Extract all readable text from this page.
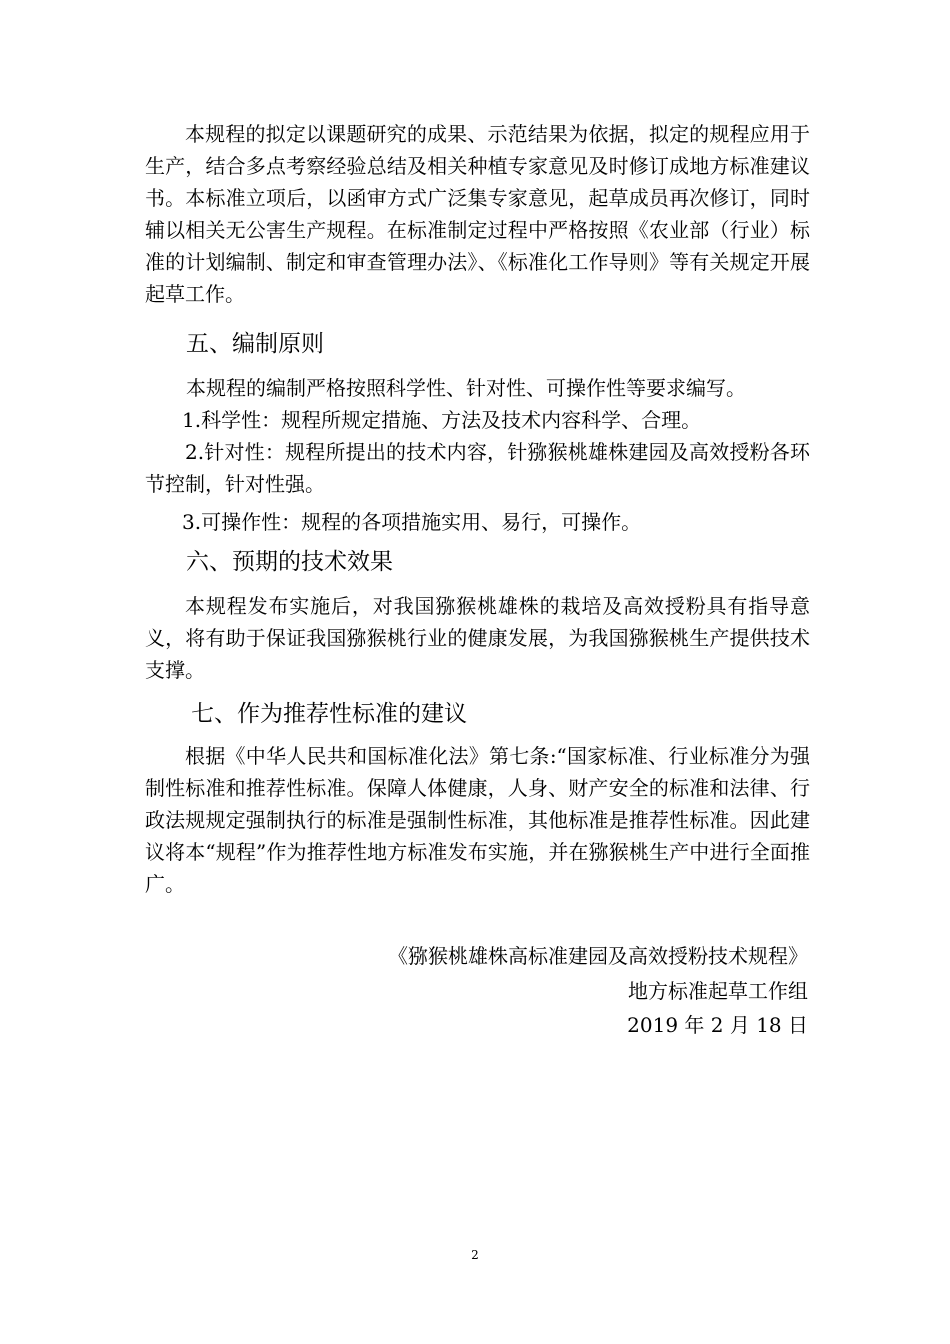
本规程的拟定以课题研究的成果、示范结果为依据，拟定的规程应用于生产，结合多点考察经验总结及相关种植专家意见及时修订成地方标准建议书。本标准立项后，以函审方式广泛集专家意见，起草成员再次修订，同时辅以相关无公害生产规程。在标准制定过程中严格按照《农业部（行业）标准的计划编制、制定和审查管理办法》、《标准化工作导则》等有关规定开展起草工作。

五、编制原则

本规程的编制严格按照科学性、针对性、可操作性等要求编写。

1.科学性：规程所规定措施、方法及技术内容科学、合理。

2.针对性：规程所提出的技术内容，针猕猴桃雄株建园及高效授粉各环节控制，针对性强。

3.可操作性：规程的各项措施实用、易行，可操作。

六、预期的技术效果

本规程发布实施后，对我国猕猴桃雄株的栽培及高效授粉具有指导意义，将有助于保证我国猕猴桃行业的健康发展，为我国猕猴桃生产提供技术支撑。

七、作为推荐性标准的建议

根据《中华人民共和国标准化法》第七条:“国家标准、行业标准分为强制性标准和推荐性标准。保障人体健康，人身、财产安全的标准和法律、行政法规规定强制执行的标准是强制性标准，其他标准是推荐性标准。因此建议将本“规程”作为推荐性地方标准发布实施，并在猕猴桃生产中进行全面推广。

《猕猴桃雄株高标准建园及高效授粉技术规程》

地方标准起草工作组

2019 年 2 月 18 日

2
